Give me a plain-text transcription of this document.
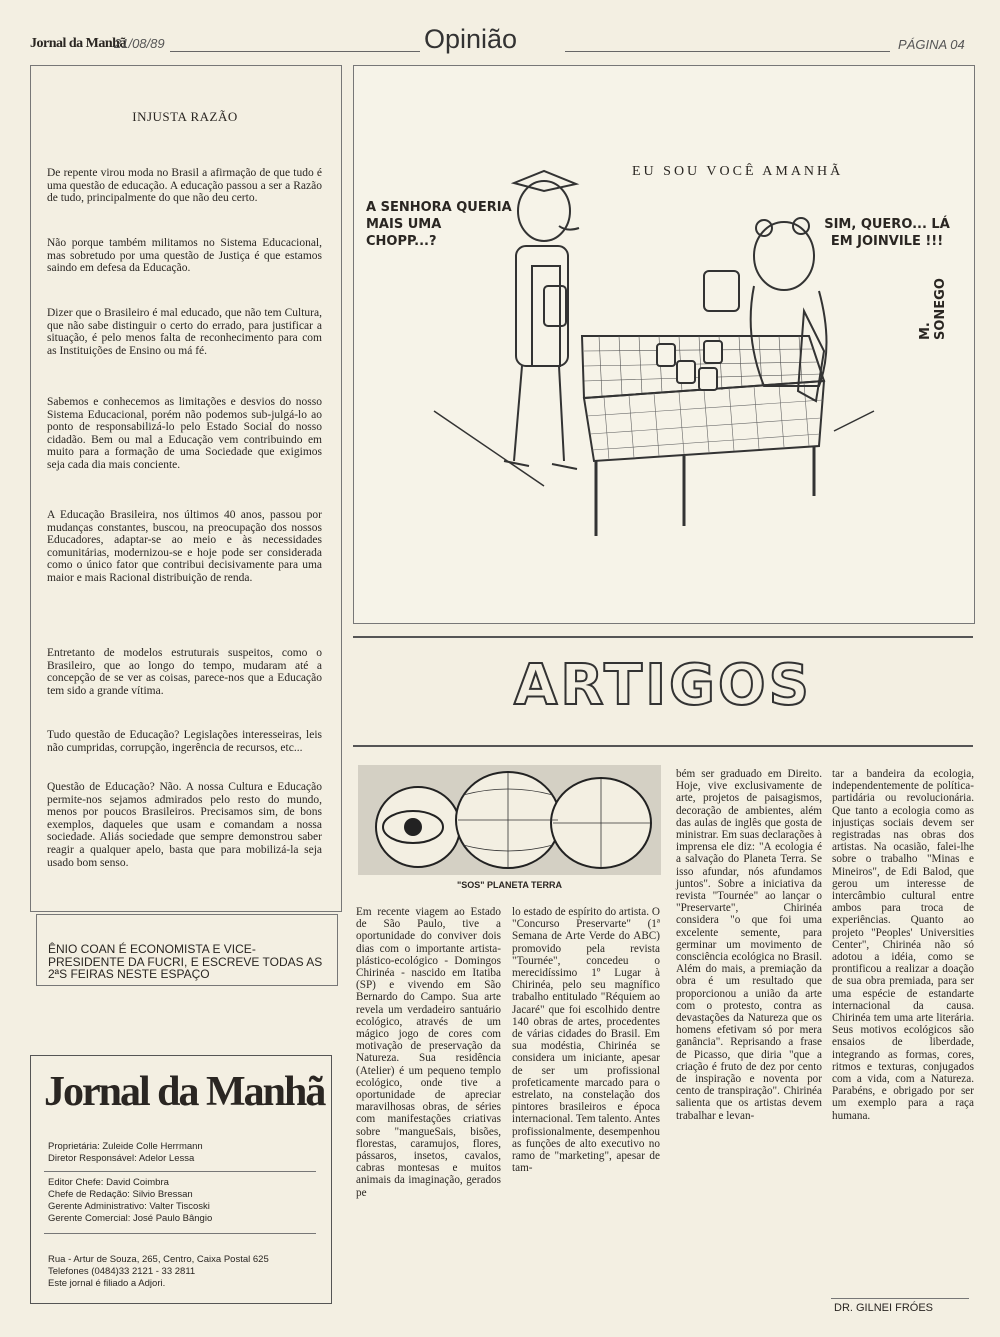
Jornal da Manhã
21/08/89	Opinião	PÁGINA 04
INJUSTA RAZÃO

De repente virou moda no Brasil a afirmação de que tudo é uma questão de educação. A educação passou a ser a Razão de tudo, principalmente do que não deu certo.

Não porque também militamos no Sistema Educacional, mas sobretudo por uma questão de Justiça é que estamos saindo em defesa da Educação.

Dizer que o Brasileiro é mal educado, que não tem Cultura, que não sabe distinguir o certo do errado, para justificar a situação, é pelo menos falta de reconhecimento para com as Instituições de Ensino ou má fé.

Sabemos e conhecemos as limitações e desvios do nosso Sistema Educacional, porém não podemos sub-julgá-lo ao ponto de responsabilizá-lo pelo Estado Social do nosso cidadão. Bem ou mal a Educação vem contribuindo em muito para a formação de uma Sociedade que exigimos seja cada dia mais conciente.

A Educação Brasileira, nos últimos 40 anos, passou por mudanças constantes, buscou, na preocupação dos nossos Educadores, adaptar-se ao meio e às necessidades comunitárias, modernizou-se e hoje pode ser considerada como o único fator que contribui decisivamente para uma maior e mais Racional distribuição de renda.

Entretanto de modelos estruturais suspeitos, como o Brasileiro, que ao longo do tempo, mudaram até a concepção de se ver as coisas, parece-nos que a Educação tem sido a grande vítima.

Tudo questão de Educação? Legislações interesseiras, leis não cumpridas, corrupção, ingerência de recursos, etc...

Questão de Educação? Não. A nossa Cultura e Educação permite-nos sejamos admirados pelo resto do mundo, menos por poucos Brasileiros. Precisamos sim, de bons exemplos, daqueles que usam e comandam a nossa sociedade. Aliás sociedade que sempre demonstrou saber reagir a qualquer apelo, basta que para mobilizá-la seja usado bom senso.

ÊNIO COAN É ECONOMISTA E VICE-PRESIDENTE DA FUCRI, E ESCREVE TODAS AS 2ªS FEIRAS NESTE ESPAÇO

Jornal da Manhã

Proprietária: Zuleide Colle Herrmann

Diretor Responsável: Adelor Lessa

Editor Chefe: David Coimbra

Chefe de Redação: Silvio Bressan

Gerente Administrativo: Valter Tiscoski

Gerente Comercial: José Paulo Bângio

Rua - Artur de Souza, 265, Centro, Caixa Postal 625

Telefones (0484)33 2121 - 33 2811

Este jornal é filiado a Adjori.

EU SOU VOCÊ AMANHÃ

A SENHORA QUERIA MAIS UMA CHOPP...?

SIM, QUERO... LÁ EM JOINVILE !!!

M. SONEGO
ARTIGOS
"SOS" PLANETA TERRA

Em recente viagem ao Estado de São Paulo, tive a oportunidade do conviver dois dias com o importante artista-plástico-ecológico - Domingos Chirinéa - nascido em Itatiba (SP) e vivendo em São Bernardo do Campo. Sua arte revela um verdadeiro santuário ecológico, através de um mágico jogo de cores com motivação de preservação da Natureza. Sua residência (Atelier) é um pequeno templo ecológico, onde tive a oportunidade de apreciar maravilhosas obras, de séries com manifestações criativas sobre "mangueSais, bisões, florestas, caramujos, flores, pássaros, insetos, cavalos, cabras montesas e muitos animais da imaginação, gerados pe

lo estado de espírito do artista. O "Concurso Preservarte" (1ª Semana de Arte Verde do ABC) promovido pela revista "Tournée", concedeu o merecidíssimo 1º Lugar à Chirinéa, pelo seu magnífico trabalho entitulado "Réquiem ao Jacaré" que foi escolhido dentre 140 obras de artes, procedentes de várias cidades do Brasil. Em sua modéstia, Chirinéa se considera um iniciante, apesar de ser um profissional profeticamente marcado para o estrelato, na constelação dos pintores brasileiros e época internacional. Tem talento. Antes profissionalmente, desempenhou as funções de alto executivo no ramo de "marketing", apesar de tam-

bém ser graduado em Direito. Hoje, vive exclusivamente de arte, projetos de paisagismos, decoração de ambientes, além das aulas de inglês que gosta de ministrar. Em suas declarações à imprensa ele diz: "A ecologia é a salvação do Planeta Terra. Se isso afundar, nós afundamos juntos". Sobre a iniciativa da revista "Tournée" ao lançar o "Preservarte", Chirinéa considera "o que foi uma excelente semente, para germinar um movimento de consciência ecológica no Brasil. Além do mais, a premiação da obra é um resultado que proporcionou a união da arte com o protesto, contra as devastações da Natureza que os homens efetivam só por mera ganância". Reprisando a frase de Picasso, que diria "que a criação é fruto de dez por cento de inspiração e noventa por cento de transpiração". Chirinéa salienta que os artistas devem trabalhar e levan-

tar a bandeira da ecologia, independentemente de política-partidária ou revolucionária. Que tanto a ecologia como as injustiças sociais devem ser registradas nas obras dos artistas. Na ocasião, falei-lhe sobre o trabalho "Minas e Mineiros", de Edi Balod, que gerou um interesse de intercâmbio cultural entre ambos para troca de experiências. Quanto ao projeto "Peoples' Universities Center", Chirinéa não só adotou a idéia, como se prontificou a realizar a doação de sua obra premiada, para ser uma espécie de estandarte internacional da causa. Chirinéa tem uma arte literária. Seus motivos ecológicos são ensaios de liberdade, integrando as formas, cores, ritmos e texturas, conjugados com a vida, com a Natureza. Parabéns, e obrigado por ser um exemplo para a raça humana.

DR. GILNEI FRÓES
